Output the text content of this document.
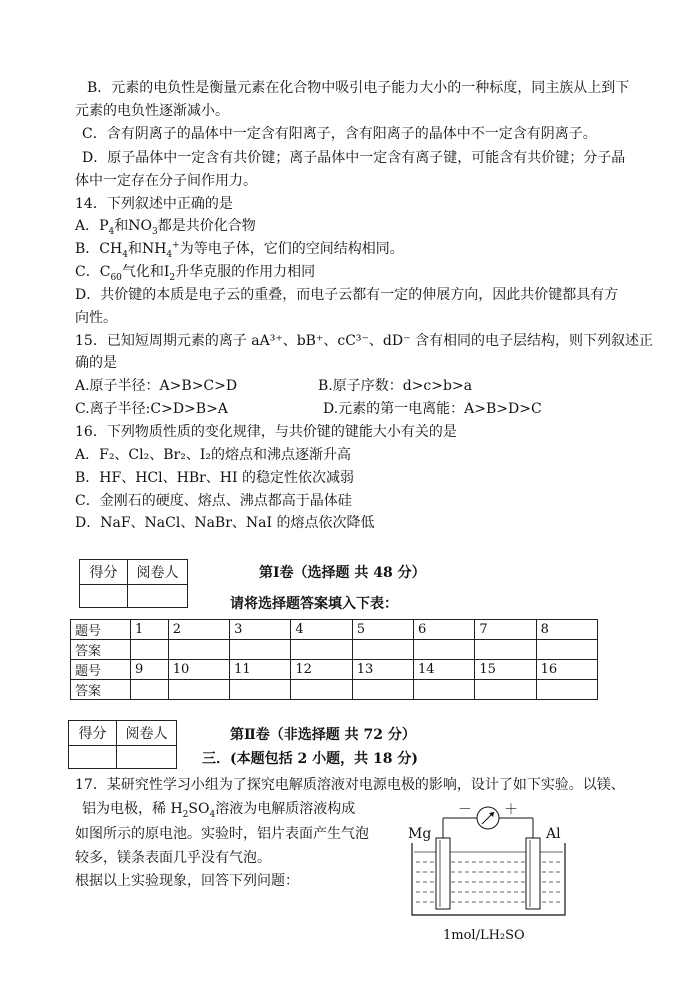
B．元素的电负性是衡量元素在化合物中吸引电子能力大小的一种标度，同主族从上到下
元素的电负性逐渐减小。
C．含有阴离子的晶体中一定含有阳离子，含有阳离子的晶体中不一定含有阴离子。
D．原子晶体中一定含有共价键；离子晶体中一定含有离子键，可能含有共价键；分子晶
体中一定存在分子间作用力。
14．下列叙述中正确的是
A．$P_4$和$NO_3$都是共价化合物
B．$CH_4$和$NH_4^+$为等电子体，它们的空间结构相同。
C．$C_{60}$气化和$I_2$升华克服的作用力相同
D．共价键的本质是电子云的重叠，而电子云都有一定的伸展方向，因此共价键都具有方
向性。
15．已知短周期元素的离子 aA³⁺、bB⁺、cC³⁻、dD⁻ 含有相同的电子层结构，则下列叙述正
确的是
A.原子半径：A>B>C>D	B.原子序数：d>c>b>a
C.离子半径:C>D>B>A	D.元素的第一电离能：A>B>D>C
16．下列物质性质的变化规律，与共价键的键能大小有关的是
A．F₂、Cl₂、Br₂、I₂的熔点和沸点逐渐升高
B．HF、HCl、HBr、HI 的稳定性依次减弱
C．金刚石的硬度、熔点、沸点都高于晶体硅
D．NaF、NaCl、NaBr、NaI 的熔点依次降低
得分	阅卷人
		第Ⅰ卷（选择题 共 48 分）
请将选择题答案填入下表：
题号	1	2	3	4	5	6	7	8
答案								
题号	9	10	11	12	13	14	15	16
答案								
得分	阅卷人
		第Ⅱ卷（非选择题 共 72 分）
三．(本题包括 2 小题，共 18 分)
17．某研究性学习小组为了探究电解质溶液对电源电极的影响，设计了如下实验。以镁、
铝为电极，稀 $H_2SO_4$溶液为电解质溶液构成
如图所示的原电池。实验时，铝片表面产生气泡
较多，镁条表面几乎没有气泡。
根据以上实验现象，回答下列问题：
－ ＋
Mg	Al
1mol/LH₂SO
